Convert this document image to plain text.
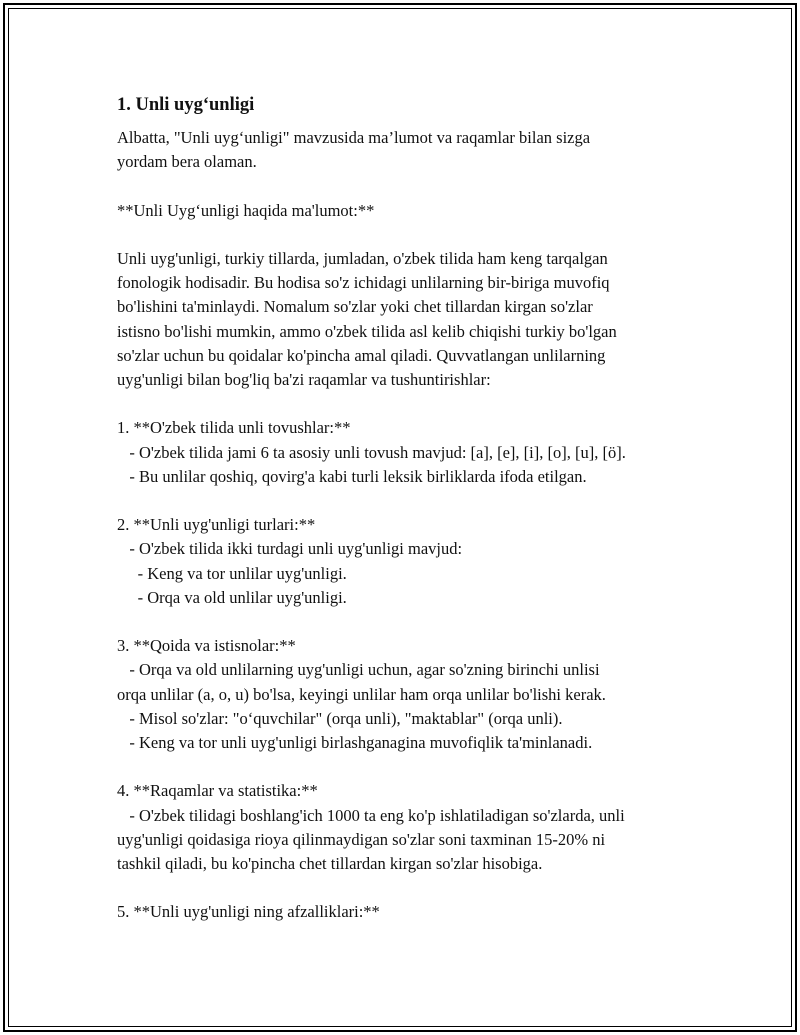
1. Unli uyg‘unligi
Albatta, "Unli uyg‘unligi" mavzusida ma’lumot va raqamlar bilan sizga
yordam bera olaman.
**Unli Uyg‘unligi haqida ma'lumot:**
Unli uyg'unligi, turkiy tillarda, jumladan, o'zbek tilida ham keng tarqalgan
fonologik hodisadir. Bu hodisa so'z ichidagi unlilarning bir-biriga muvofiq
bo'lishini ta'minlaydi. Nomalum so'zlar yoki chet tillardan kirgan so'zlar
istisno bo'lishi mumkin, ammo o'zbek tilida asl kelib chiqishi turkiy bo'lgan
so'zlar uchun bu qoidalar ko'pincha amal qiladi. Quvvatlangan unlilarning
uyg'unligi bilan bog'liq ba'zi raqamlar va tushuntirishlar:
1. **O'zbek tilida unli tovushlar:**
- O'zbek tilida jami 6 ta asosiy unli tovush mavjud: [a], [e], [i], [o], [u], [ö].
- Bu unlilar qoshiq, qovirg'a kabi turli leksik birliklarda ifoda etilgan.
2. **Unli uyg'unligi turlari:**
- O'zbek tilida ikki turdagi unli uyg'unligi mavjud:
- Keng va tor unlilar uyg'unligi.
- Orqa va old unlilar uyg'unligi.
3. **Qoida va istisnolar:**
- Orqa va old unlilarning uyg'unligi uchun, agar so'zning birinchi unlisi
orqa unlilar (a, o, u) bo'lsa, keyingi unlilar ham orqa unlilar bo'lishi kerak.
- Misol so'zlar: "o‘quvchilar" (orqa unli), "maktablar" (orqa unli).
- Keng va tor unli uyg'unligi birlashganagina muvofiqlik ta'minlanadi.
4. **Raqamlar va statistika:**
- O'zbek tilidagi boshlang'ich 1000 ta eng ko'p ishlatiladigan so'zlarda, unli
uyg'unligi qoidasiga rioya qilinmaydigan so'zlar soni taxminan 15-20% ni
tashkil qiladi, bu ko'pincha chet tillardan kirgan so'zlar hisobiga.
5. **Unli uyg'unligi ning afzalliklari:**
